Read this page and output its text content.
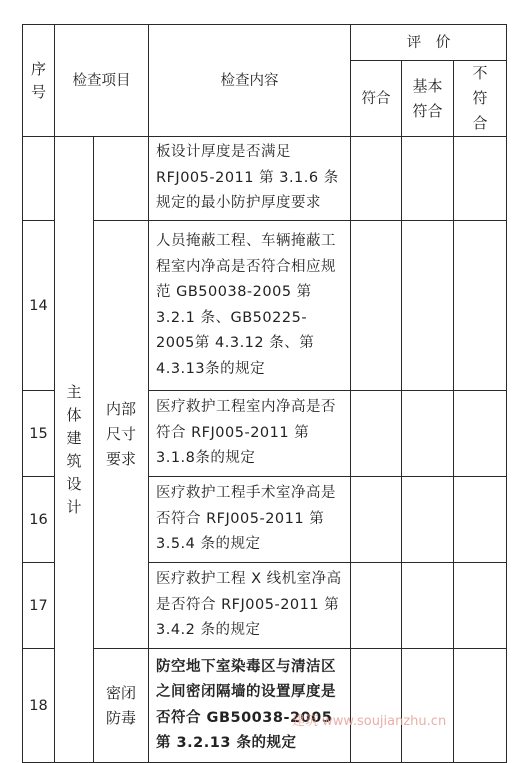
序号	检查项目		检查内容	评　价		
				符合	基本符合	不符合

	主体建筑设计		板设计厚度是否满足RFJ005-2011 第 3.1.6 条规定的最小防护厚度要求			
14		内部尺寸要求	人员掩蔽工程、车辆掩蔽工程室内净高是否符合相应规范 GB50038-2005 第3.2.1 条、GB50225-2005第 4.3.12 条、第 4.3.13条的规定			
15			医疗救护工程室内净高是否符合 RFJ005-2011 第3.1.8条的规定			
16			医疗救护工程手术室净高是否符合 RFJ005-2011 第3.5.4 条的规定			
17			医疗救护工程 X 线机室净高是否符合 RFJ005-2011 第3.4.2 条的规定			
18		密闭防毒	防空地下室染毒区与清洁区之间密闭隔墙的设置厚度是否符合 GB50038-2005第 3.2.13 条的规定			
建筑 www.soujianzhu.cn
